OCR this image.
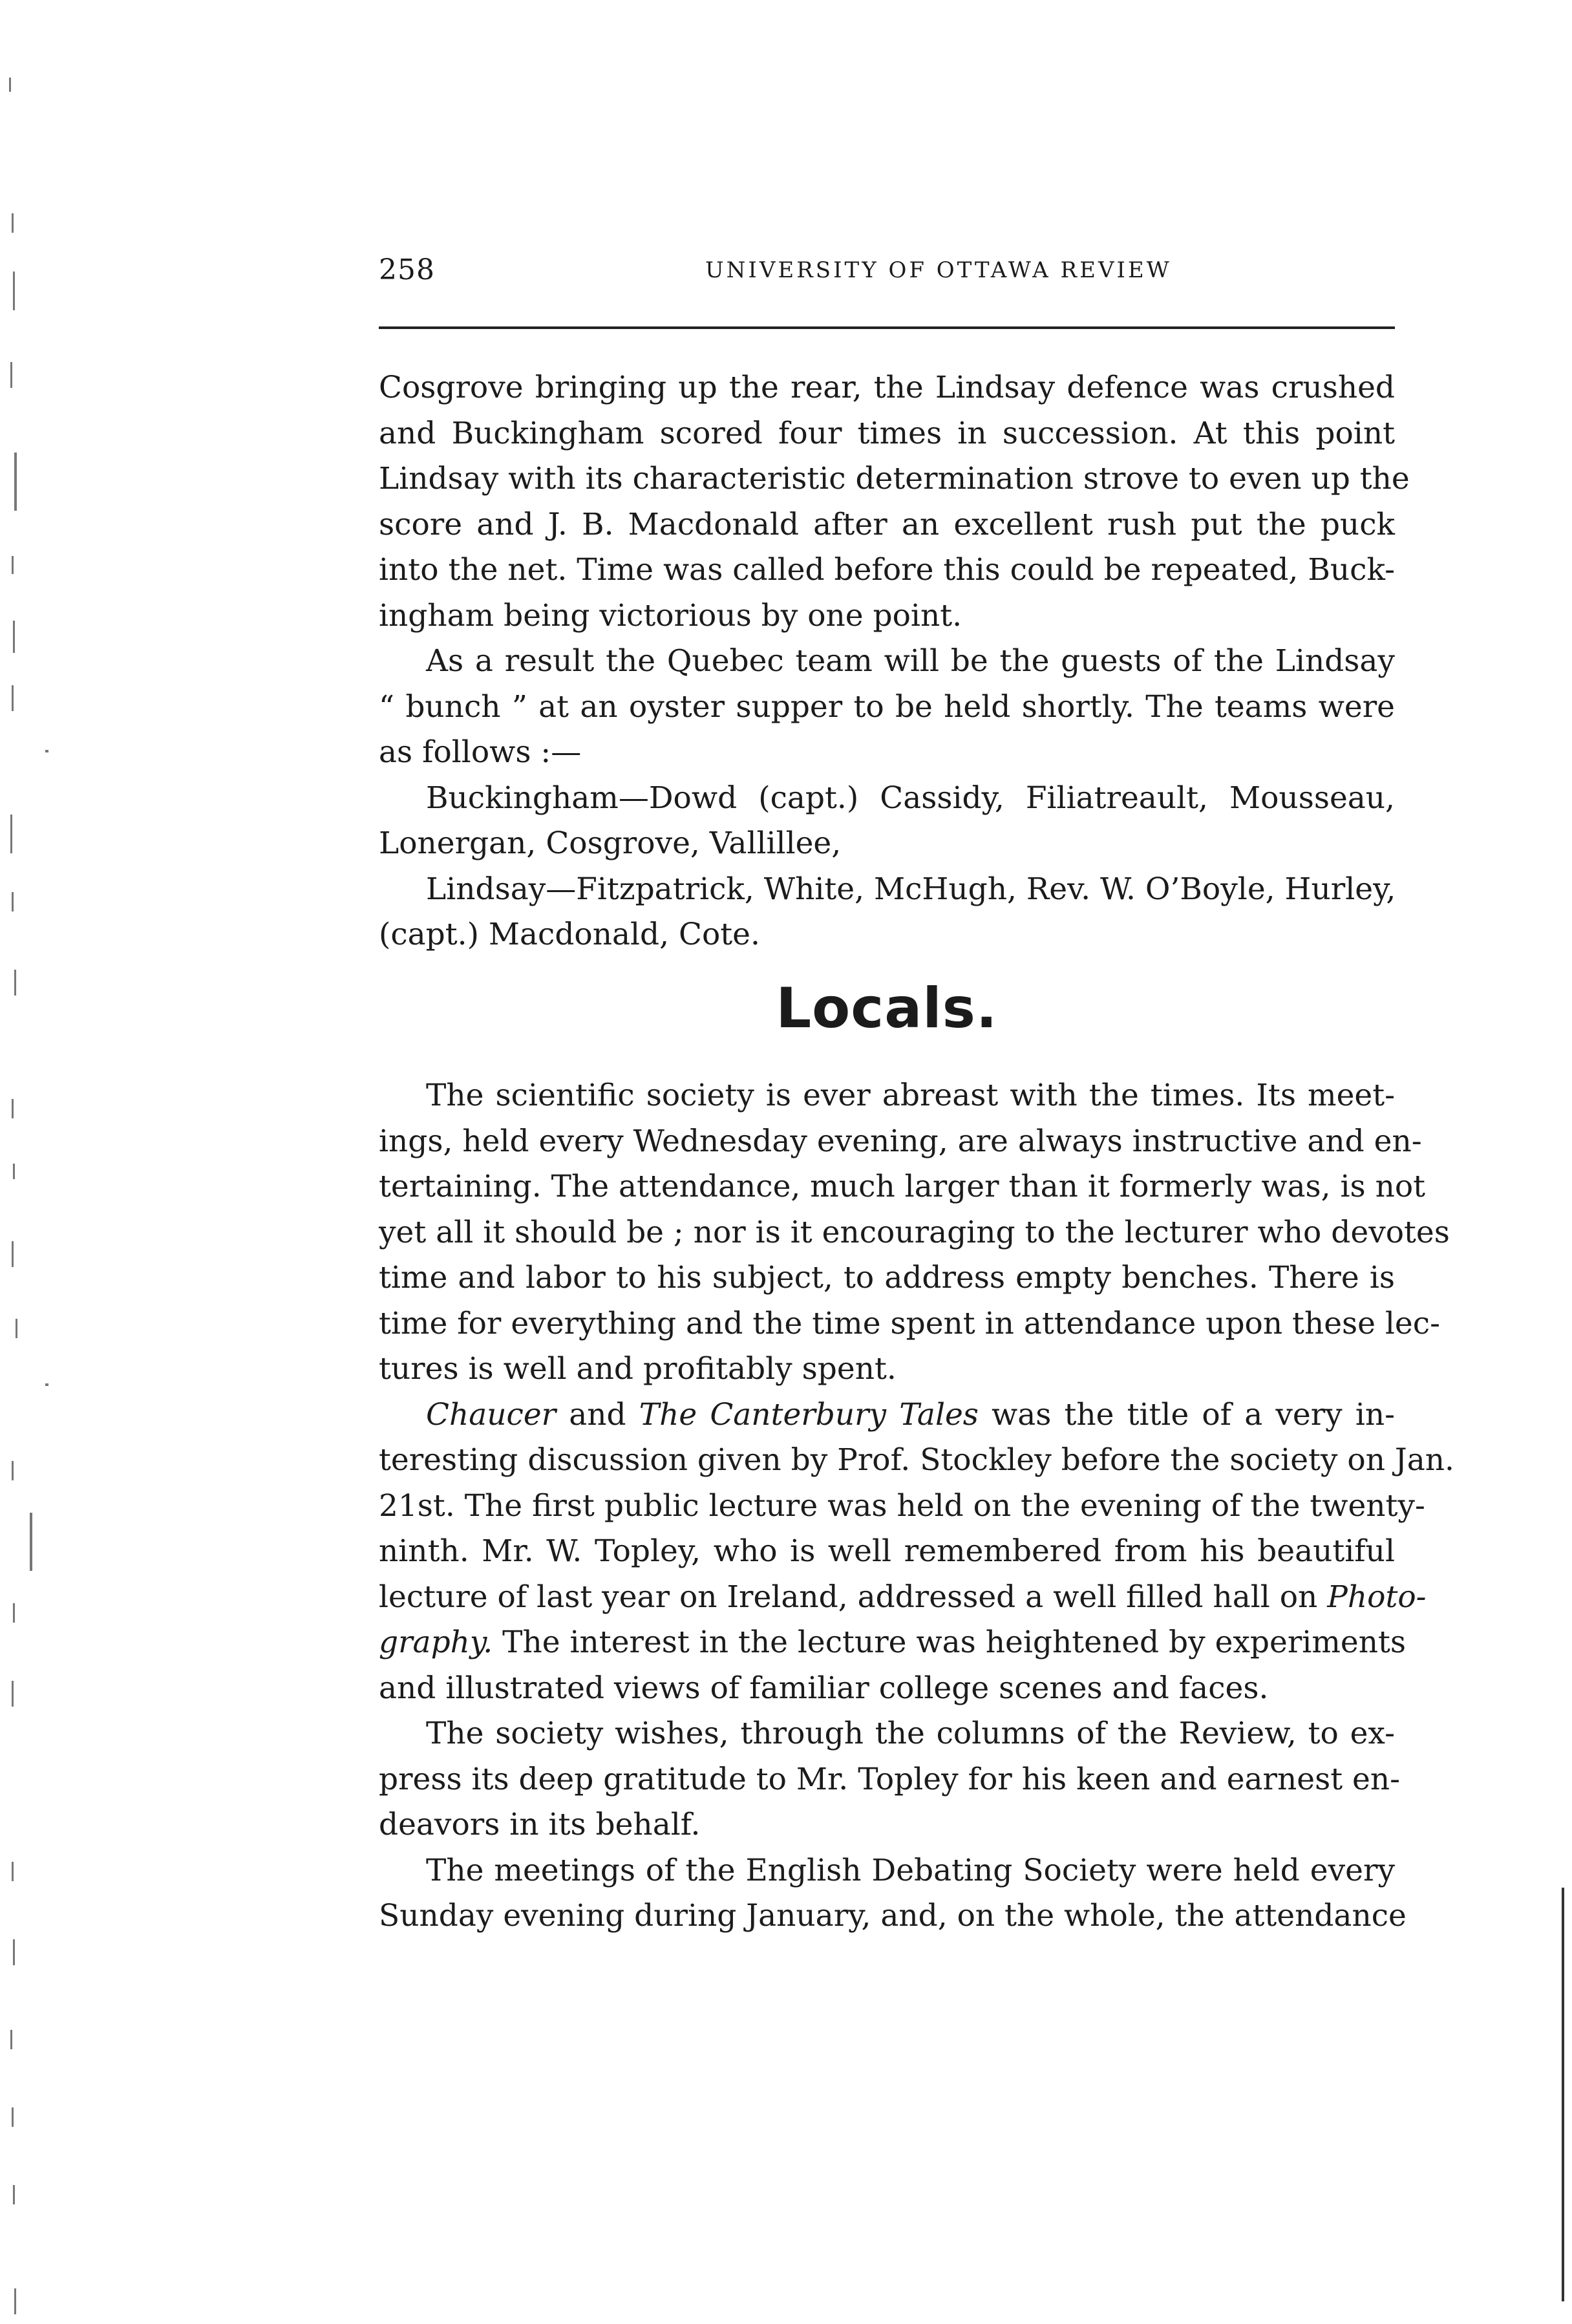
258	UNIVERSITY OF OTTAWA REVIEW

Cosgrove bringing up the rear, the Lindsay defence was crushed
and Buckingham scored four times in succession. At this point
Lindsay with its characteristic determination strove to even up the
score and J. B. Macdonald after an excellent rush put the puck
into the net. Time was called before this could be repeated, Buck-
ingham being victorious by one point.

As a result the Quebec team will be the guests of the Lindsay
“ bunch ” at an oyster supper to be held shortly. The teams were
as follows :—

Buckingham—Dowd (capt.) Cassidy, Filiatreault, Mousseau,
Lonergan, Cosgrove, Vallillee,

Lindsay—Fitzpatrick, White, McHugh, Rev. W. O’Boyle, Hurley,
(capt.) Macdonald, Cote.

Locals.

The scientific society is ever abreast with the times. Its meet-
ings, held every Wednesday evening, are always instructive and en-
tertaining. The attendance, much larger than it formerly was, is not
yet all it should be ; nor is it encouraging to the lecturer who devotes
time and labor to his subject, to address empty benches. There is
time for everything and the time spent in attendance upon these lec-
tures is well and profitably spent.

Chaucer and The Canterbury Tales was the title of a very in-
teresting discussion given by Prof. Stockley before the society on Jan.
21st. The first public lecture was held on the evening of the twenty-
ninth. Mr. W. Topley, who is well remembered from his beautiful
lecture of last year on Ireland, addressed a well filled hall on Photo-
graphy. The interest in the lecture was heightened by experiments
and illustrated views of familiar college scenes and faces.

The society wishes, through the columns of the Review, to ex-
press its deep gratitude to Mr. Topley for his keen and earnest en-
deavors in its behalf.

The meetings of the English Debating Society were held every
Sunday evening during January, and, on the whole, the attendance
